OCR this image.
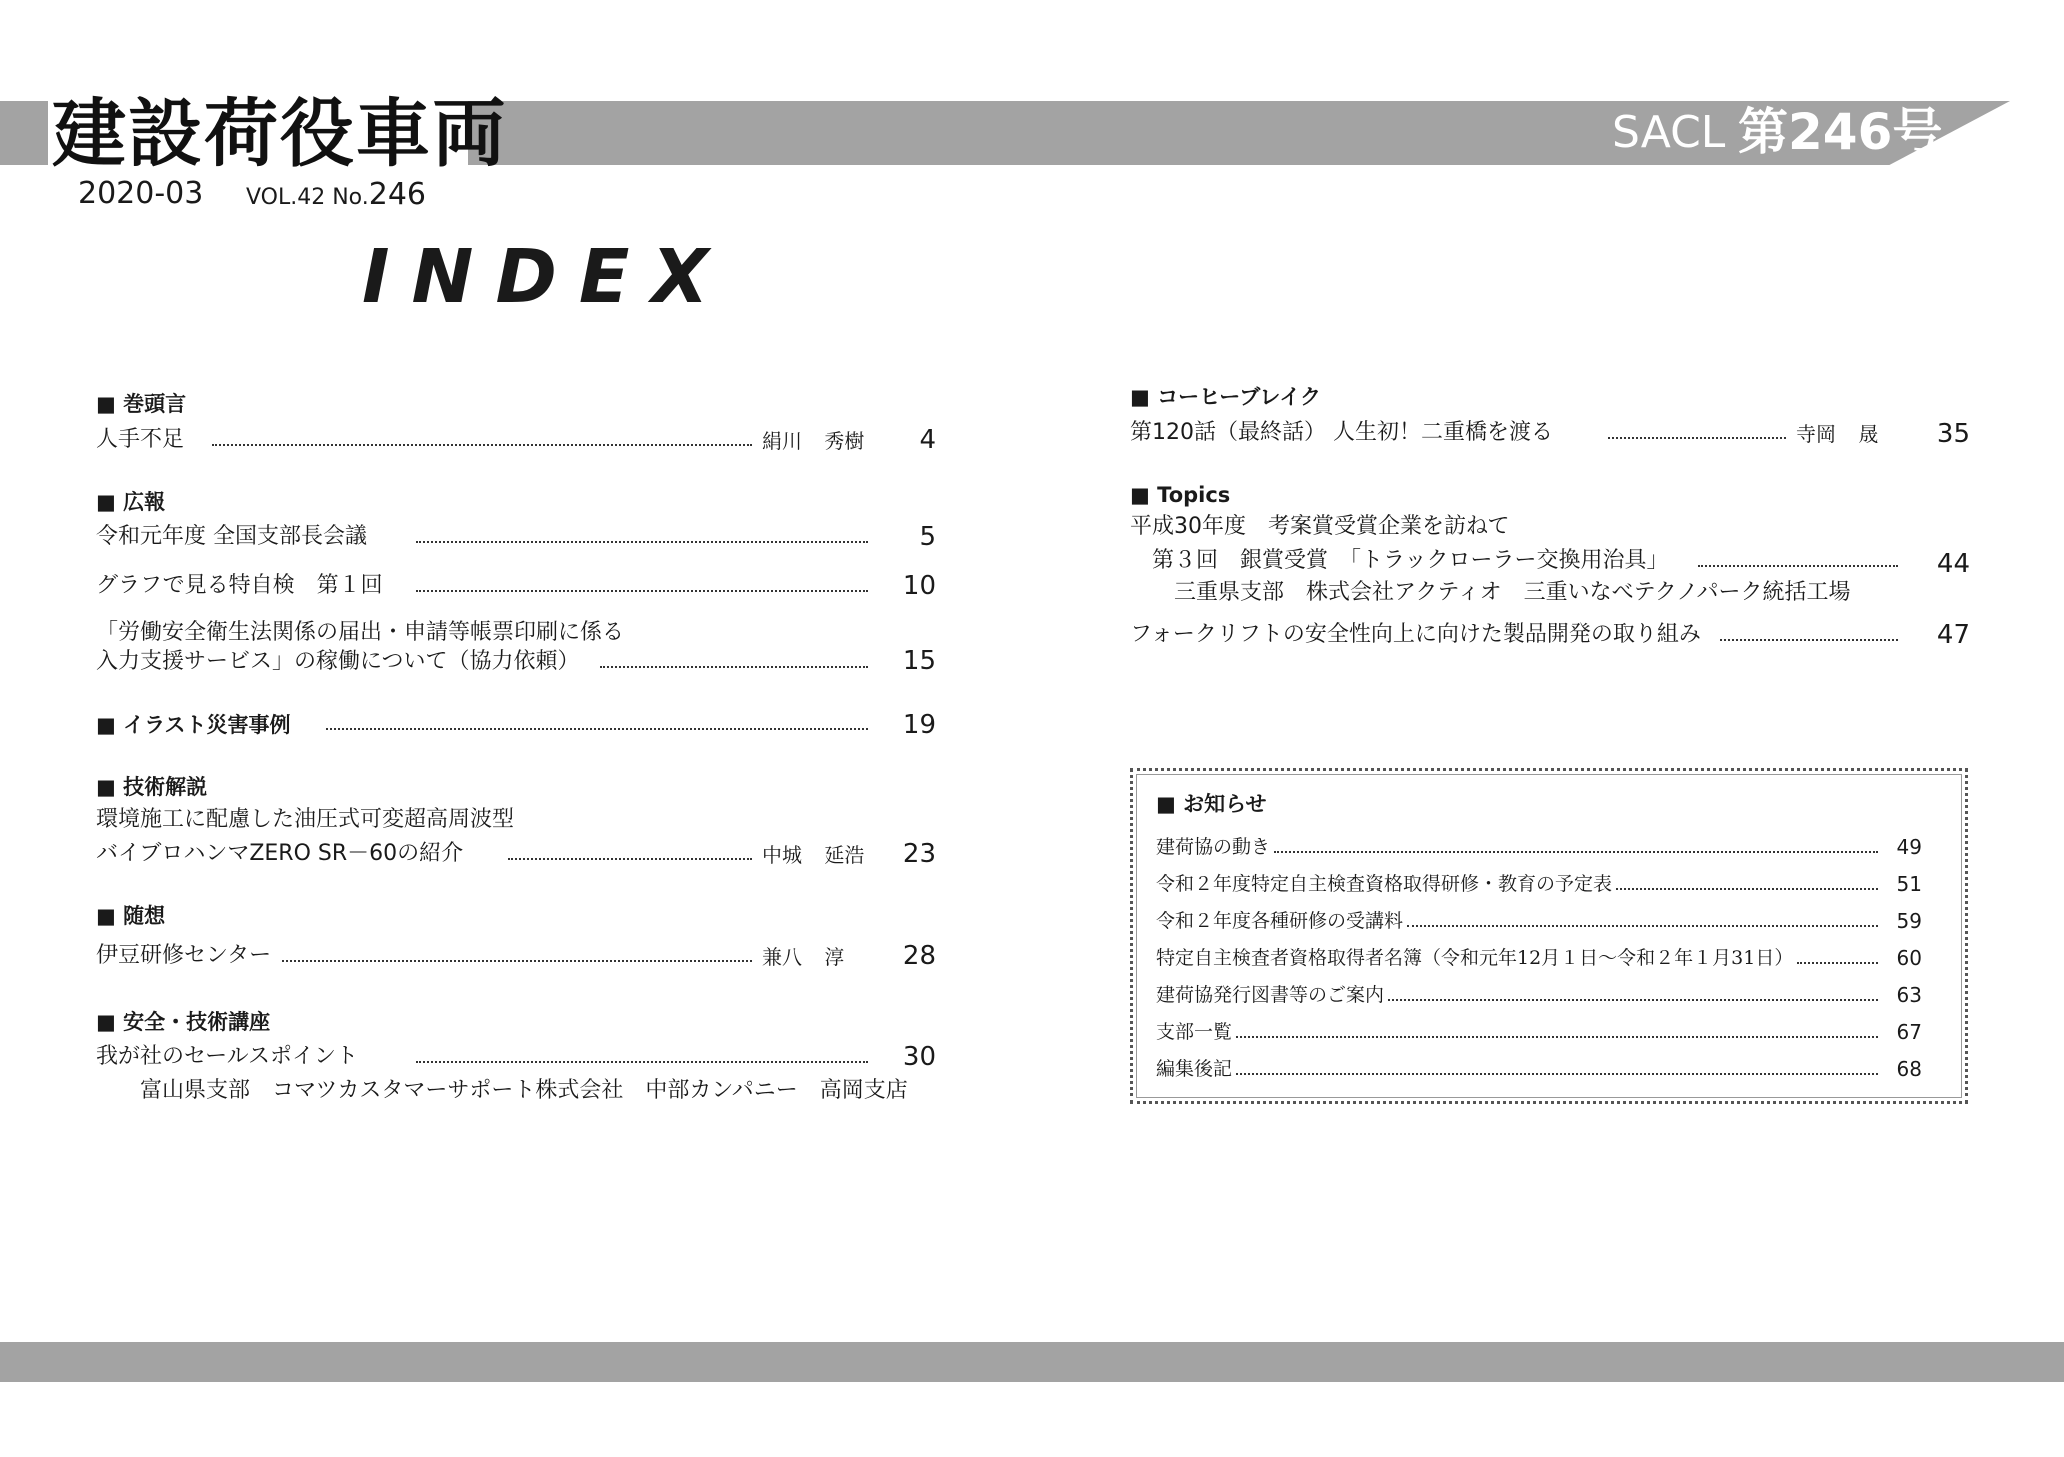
建設荷役車両	SACL 第246号
2020-03 VOL.42 No.246
INDEX
■ 巻頭言
人手不足	絹川 秀樹	4
■ 広報
令和元年度 全国支部長会議	5
グラフで見る特自検　第１回	10
「労働安全衛生法関係の届出・申請等帳票印刷に係る
入力支援サービス」の稼働について（協力依頼）	15
■ イラスト災害事例	19
■ 技術解説
環境施工に配慮した油圧式可変超高周波型
バイブロハンマZERO SR－60の紹介	中城 延浩	23
■ 随想
伊豆研修センター	兼八 淳	28
■ 安全・技術講座
我が社のセールスポイント	30
富山県支部　コマツカスタマーサポート株式会社　中部カンパニー　高岡支店
■ コーヒーブレイク
第120話（最終話） 人生初！二重橋を渡る	寺岡 晟	35
■ Topics
平成30年度　考案賞受賞企業を訪ねて
第３回　銀賞受賞　「トラックローラー交換用治具」	44
三重県支部　株式会社アクティオ　三重いなべテクノパーク統括工場
フォークリフトの安全性向上に向けた製品開発の取り組み	47
■ お知らせ
建荷協の動き	49
令和２年度特定自主検査資格取得研修・教育の予定表	51
令和２年度各種研修の受講料	59
特定自主検査者資格取得者名簿（令和元年12月１日～令和２年１月31日）	60
建荷協発行図書等のご案内	63
支部一覧	67
編集後記	68
